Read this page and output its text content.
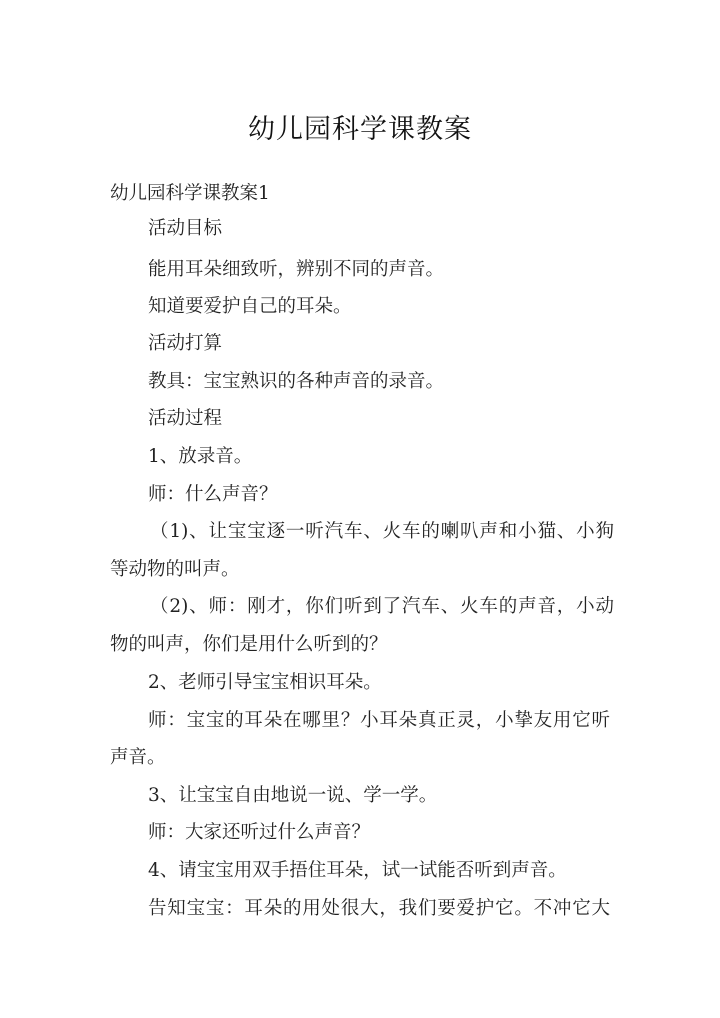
幼儿园科学课教案
幼儿园科学课教案1
活动目标
能用耳朵细致听，辨别不同的声音。
知道要爱护自己的耳朵。
活动打算
教具：宝宝熟识的各种声音的录音。
活动过程
1、放录音。
师：什么声音？
（1)、让宝宝逐一听汽车、火车的喇叭声和小猫、小狗
等动物的叫声。
（2)、师：刚才，你们听到了汽车、火车的声音，小动
物的叫声，你们是用什么听到的？
2、老师引导宝宝相识耳朵。
师：宝宝的耳朵在哪里？小耳朵真正灵，小挚友用它听
声音。
3、让宝宝自由地说一说、学一学。
师：大家还听过什么声音？
4、请宝宝用双手捂住耳朵，试一试能否听到声音。
告知宝宝：耳朵的用处很大，我们要爱护它。不冲它大
